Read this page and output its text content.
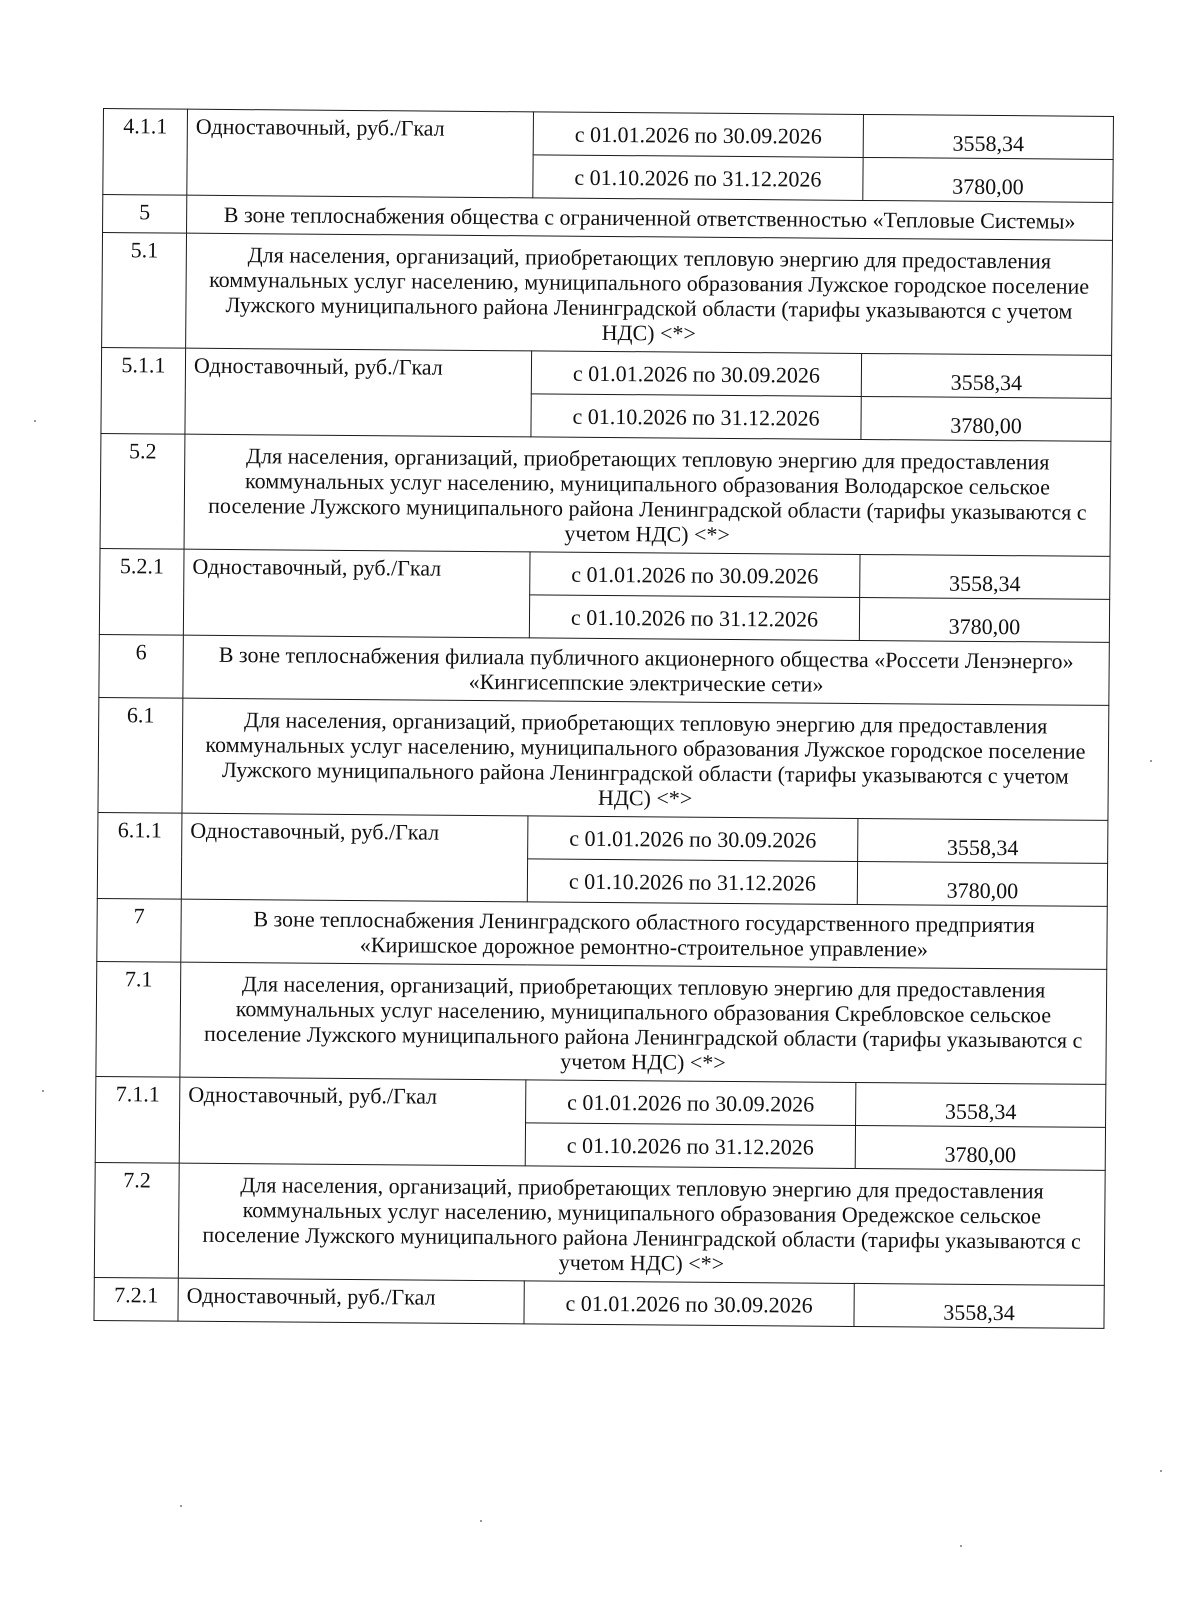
4.1.1	Одноставочный, руб./Гкал	с 01.01.2026 по 30.09.2026	3558,34
		с 01.10.2026 по 31.12.2026	3780,00
5	В зоне теплоснабжения общества с ограниченной ответственностью «Тепловые Системы»		
5.1	Для населения, организаций, приобретающих тепловую энергию для предоставления коммунальных услуг населению, муниципального образования Лужское городское поселение Лужского муниципального района Ленинградской области (тарифы указываются с учетом НДС) <*>		
5.1.1	Одноставочный, руб./Гкал	с 01.01.2026 по 30.09.2026	3558,34
		с 01.10.2026 по 31.12.2026	3780,00
5.2	Для населения, организаций, приобретающих тепловую энергию для предоставления коммунальных услуг населению, муниципального образования Володарское сельское поселение Лужского муниципального района Ленинградской области (тарифы указываются с учетом НДС) <*>		
5.2.1	Одноставочный, руб./Гкал	с 01.01.2026 по 30.09.2026	3558,34
		с 01.10.2026 по 31.12.2026	3780,00
6	В зоне теплоснабжения филиала публичного акционерного общества «Россети Ленэнерго» «Кингисеппские электрические сети»		
6.1	Для населения, организаций, приобретающих тепловую энергию для предоставления коммунальных услуг населению, муниципального образования Лужское городское поселение Лужского муниципального района Ленинградской области (тарифы указываются с учетом НДС) <*>		
6.1.1	Одноставочный, руб./Гкал	с 01.01.2026 по 30.09.2026	3558,34
		с 01.10.2026 по 31.12.2026	3780,00
7	В зоне теплоснабжения Ленинградского областного государственного предприятия «Киришское дорожное ремонтно-строительное управление»		
7.1	Для населения, организаций, приобретающих тепловую энергию для предоставления коммунальных услуг населению, муниципального образования Скребловское сельское поселение Лужского муниципального района Ленинградской области (тарифы указываются с учетом НДС) <*>		
7.1.1	Одноставочный, руб./Гкал	с 01.01.2026 по 30.09.2026	3558,34
		с 01.10.2026 по 31.12.2026	3780,00
7.2	Для населения, организаций, приобретающих тепловую энергию для предоставления коммунальных услуг населению, муниципального образования Оредежское сельское поселение Лужского муниципального района Ленинградской области (тарифы указываются с учетом НДС) <*>		
7.2.1	Одноставочный, руб./Гкал	с 01.01.2026 по 30.09.2026	3558,34
